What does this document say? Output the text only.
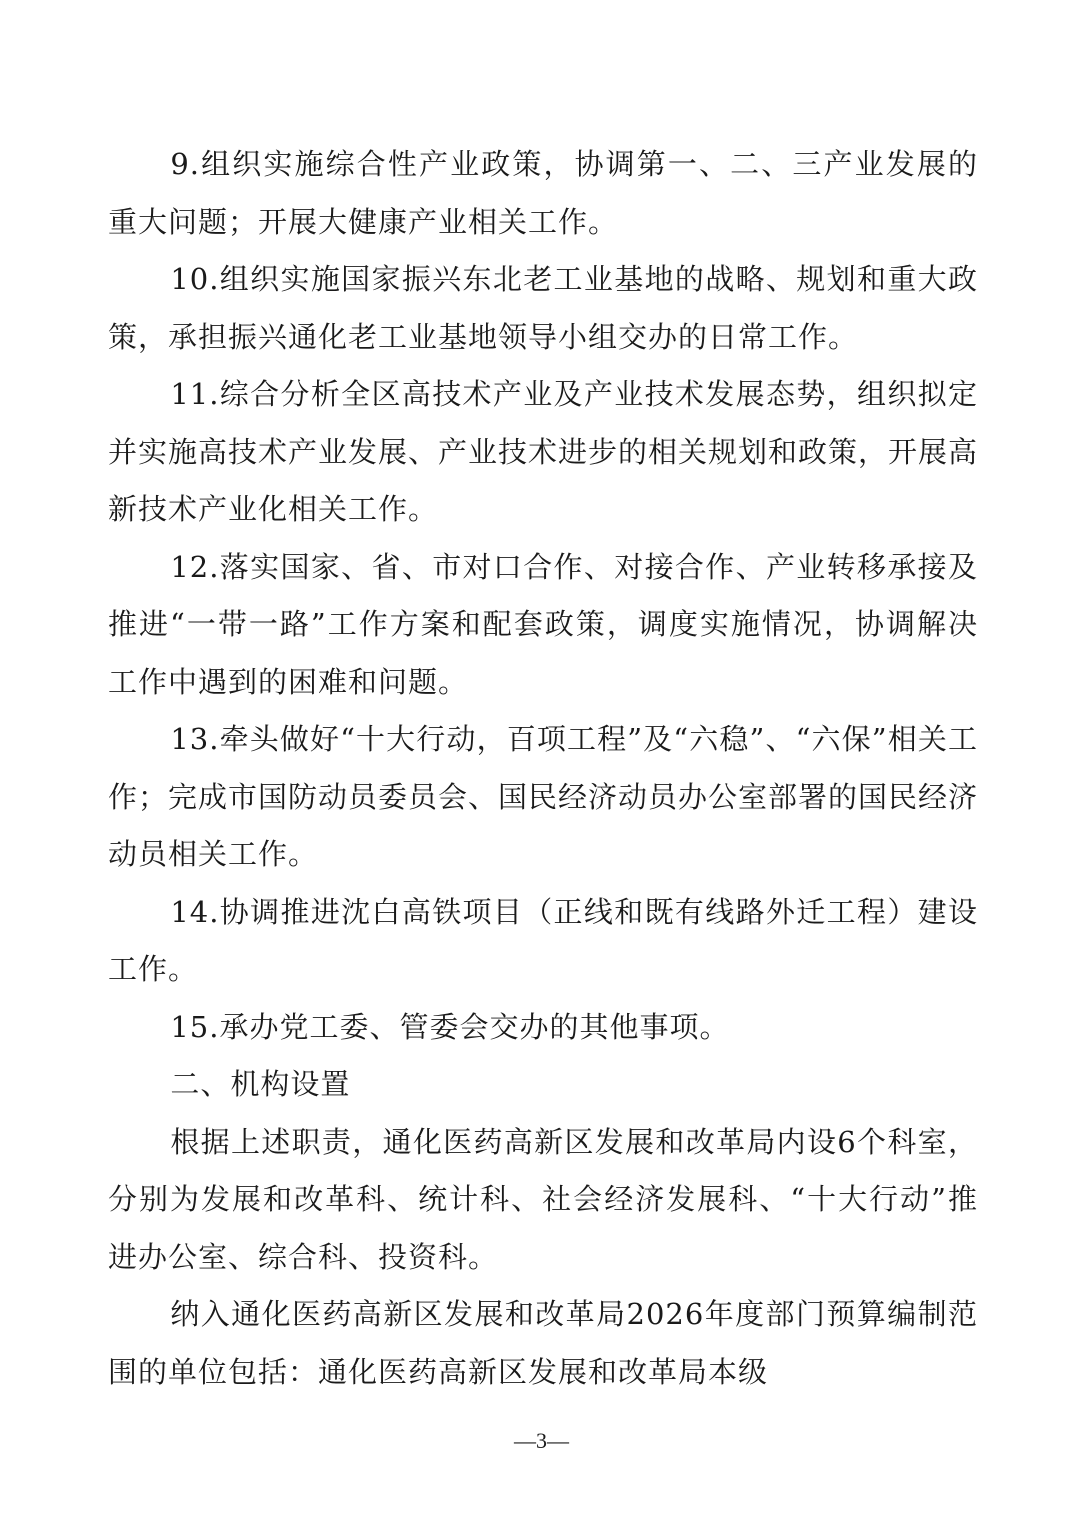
9.组织实施综合性产业政策，协调第一、二、三产业发展的重大问题；开展大健康产业相关工作。

10.组织实施国家振兴东北老工业基地的战略、规划和重大政策，承担振兴通化老工业基地领导小组交办的日常工作。

11.综合分析全区高技术产业及产业技术发展态势，组织拟定并实施高技术产业发展、产业技术进步的相关规划和政策，开展高新技术产业化相关工作。

12.落实国家、省、市对口合作、对接合作、产业转移承接及推进“一带一路”工作方案和配套政策，调度实施情况，协调解决工作中遇到的困难和问题。

13.牵头做好“十大行动，百项工程”及“六稳”、“六保”相关工作；完成市国防动员委员会、国民经济动员办公室部署的国民经济动员相关工作。

14.协调推进沈白高铁项目（正线和既有线路外迁工程）建设工作。

15.承办党工委、管委会交办的其他事项。

二、机构设置

根据上述职责，通化医药高新区发展和改革局内设6个科室，分别为发展和改革科、统计科、社会经济发展科、“十大行动”推进办公室、综合科、投资科。

纳入通化医药高新区发展和改革局2026年度部门预算编制范围的单位包括：通化医药高新区发展和改革局本级

—3—
